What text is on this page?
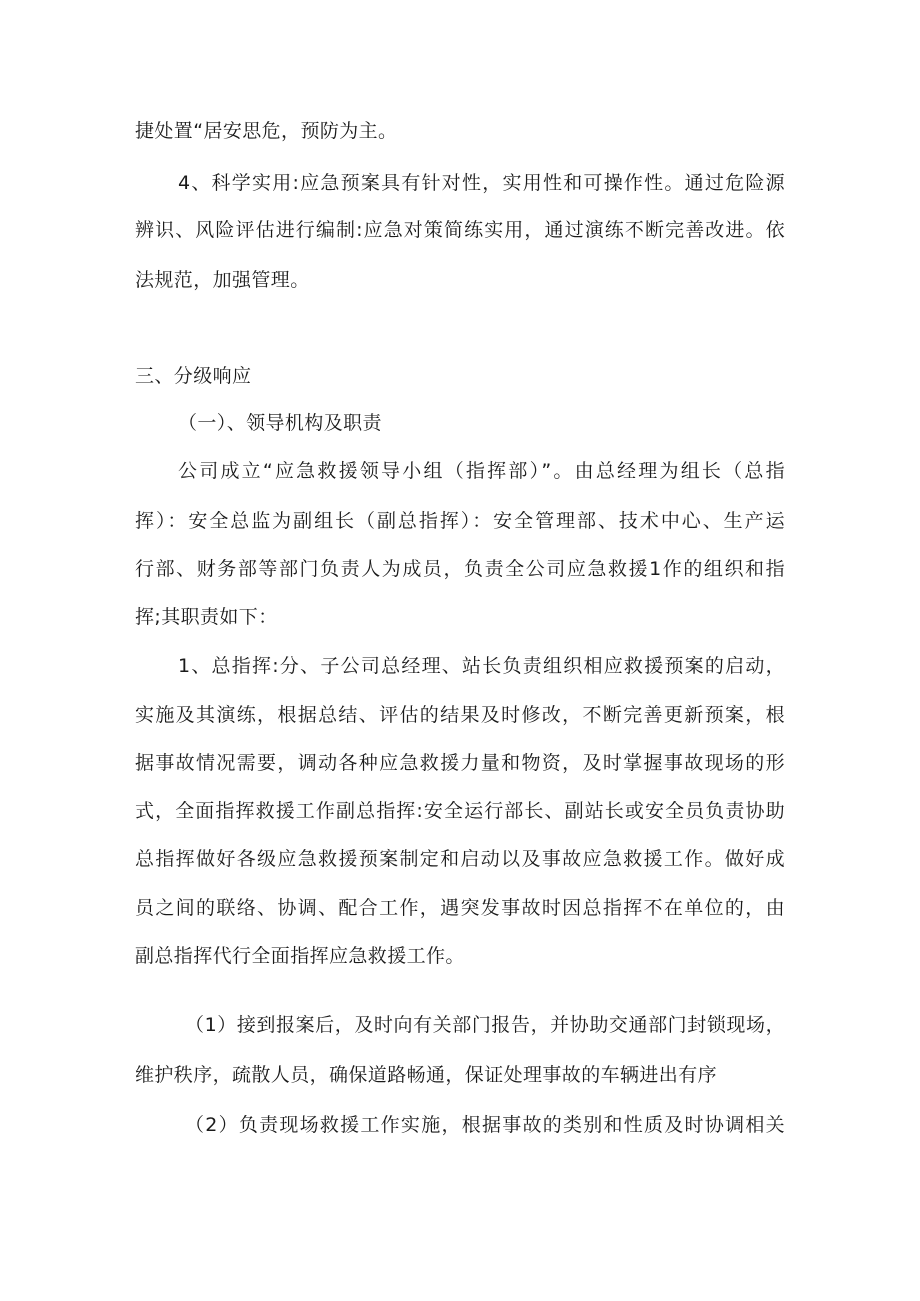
捷处置“居安思危，预防为主。
4、科学实用:应急预案具有针对性，实用性和可操作性。通过危险源
辨识、风险评估进行编制:应急对策简练实用，通过演练不断完善改进。依
法规范，加强管理。
三、分级响应
（一）、领导机构及职责
公司成立“应急救援领导小组（指挥部）”。由总经理为组长（总指
挥）：安全总监为副组长（副总指挥）：安全管理部、技术中心、生产运
行部、财务部等部门负责人为成员，负责全公司应急救援1作的组织和指
挥;其职责如下：
1、总指挥:分、子公司总经理、站长负责组织相应救援预案的启动，
实施及其演练，根据总结、评估的结果及时修改，不断完善更新预案，根
据事故情况需要，调动各种应急救援力量和物资，及时掌握事故现场的形
式，全面指挥救援工作副总指挥:安全运行部长、副站长或安全员负责协助
总指挥做好各级应急救援预案制定和启动以及事故应急救援工作。做好成
员之间的联络、协调、配合工作，遇突发事故时因总指挥不在单位的，由
副总指挥代行全面指挥应急救援工作。
（1）接到报案后，及时向有关部门报告，并协助交通部门封锁现场，
维护秩序，疏散人员，确保道路畅通，保证处理事故的车辆进出有序
（2）负责现场救援工作实施，根据事故的类别和性质及时协调相关
